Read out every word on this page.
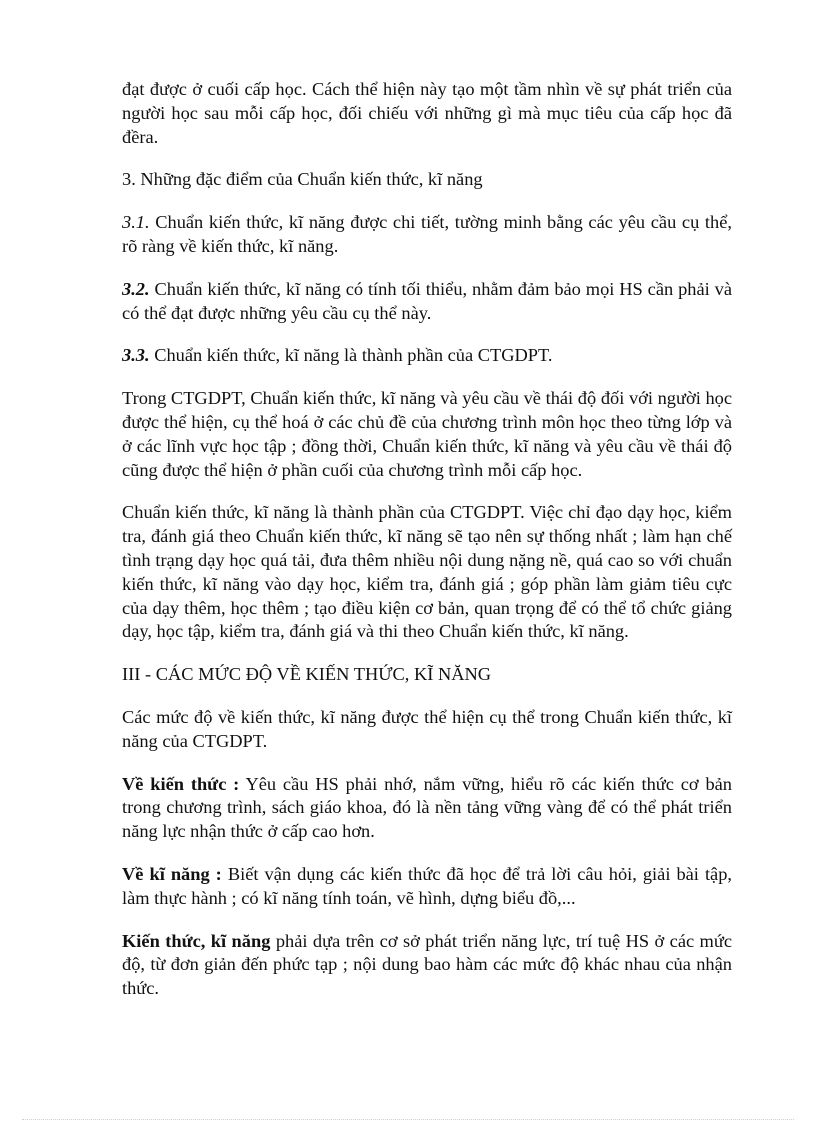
đạt được ở cuối cấp học. Cách thể hiện này tạo một tầm nhìn về sự phát triển của người học sau mỗi cấp học, đối chiếu với những gì mà mục tiêu của cấp học đã đềra.

3. Những đặc điểm của Chuẩn kiến thức, kĩ năng

3.1. Chuẩn kiến thức, kĩ năng được chi tiết, tường minh bằng các yêu cầu cụ thể, rõ ràng về kiến thức, kĩ năng.

3.2. Chuẩn kiến thức, kĩ năng có tính tối thiểu, nhằm đảm bảo mọi HS cần phải và có thể đạt được những yêu cầu cụ thể này.

3.3. Chuẩn kiến thức, kĩ năng là thành phần của CTGDPT.

Trong CTGDPT, Chuẩn kiến thức, kĩ năng và yêu cầu về thái độ đối với người học được thể hiện, cụ thể hoá ở các chủ đề của chương trình môn học theo từng lớp và ở các lĩnh vực học tập ; đồng thời, Chuẩn kiến thức, kĩ năng và yêu cầu về thái độ cũng được thể hiện ở phần cuối của chương trình mỗi cấp học.

Chuẩn kiến thức, kĩ năng là thành phần của CTGDPT. Việc chỉ đạo dạy học, kiểm tra, đánh giá theo Chuẩn kiến thức, kĩ năng sẽ tạo nên sự thống nhất ; làm hạn chế tình trạng dạy học quá tải, đưa thêm nhiều nội dung nặng nề, quá cao so với chuẩn kiến thức, kĩ năng vào dạy học, kiểm tra, đánh giá ; góp phần làm giảm tiêu cực của dạy thêm, học thêm ; tạo điều kiện cơ bản, quan trọng để có thể tổ chức giảng dạy, học tập, kiểm tra, đánh giá và thi theo Chuẩn kiến thức, kĩ năng.

III - CÁC MỨC ĐỘ VỀ KIẾN THỨC, KĨ NĂNG

Các mức độ về kiến thức, kĩ năng được thể hiện cụ thể trong Chuẩn kiến thức, kĩ năng của CTGDPT.

Về kiến thức : Yêu cầu HS phải nhớ, nắm vững, hiểu rõ các kiến thức cơ bản trong chương trình, sách giáo khoa, đó là nền tảng vững vàng để có thể phát triển năng lực nhận thức ở cấp cao hơn.

Về kĩ năng : Biết vận dụng các kiến thức đã học để trả lời câu hỏi, giải bài tập, làm thực hành ; có kĩ năng tính toán, vẽ hình, dựng biểu đồ,...

Kiến thức, kĩ năng phải dựa trên cơ sở phát triển năng lực, trí tuệ HS ở các mức độ, từ đơn giản đến phức tạp ; nội dung bao hàm các mức độ khác nhau của nhận thức.
